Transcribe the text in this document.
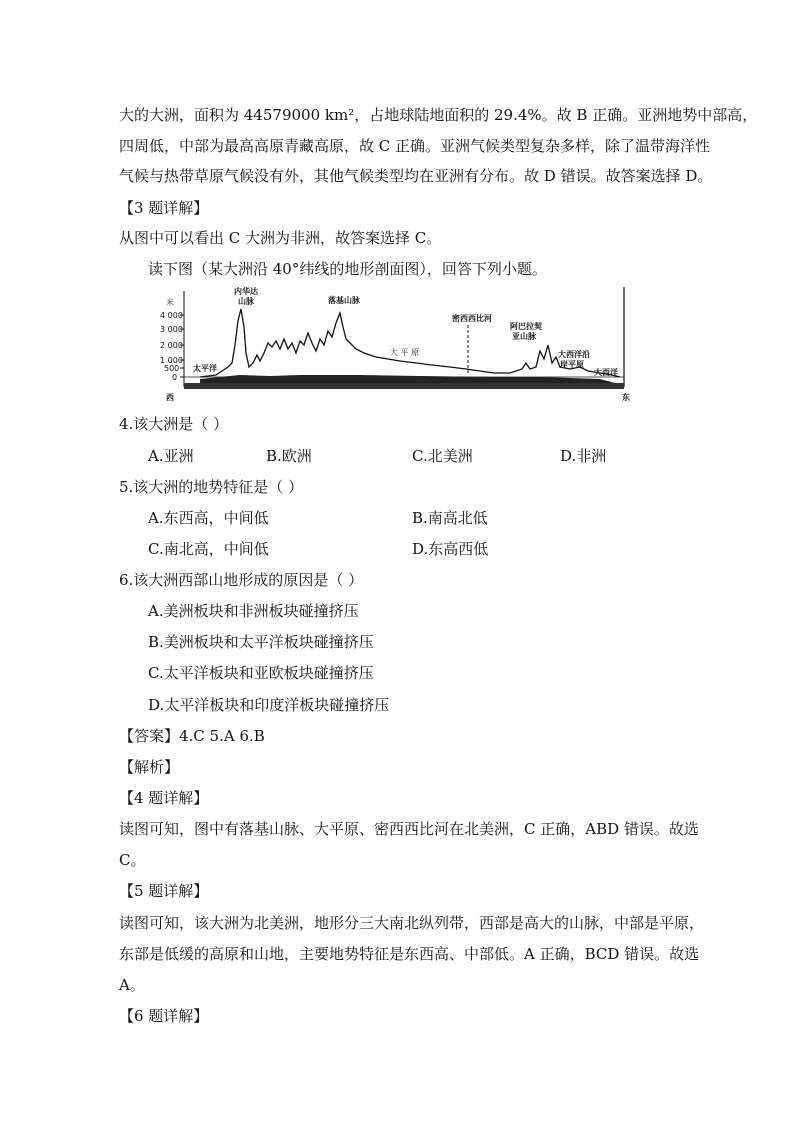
大的大洲，面积为 44579000 km²，占地球陆地面积的 29.4%。故 B 正确。亚洲地势中部高，
四周低，中部为最高高原青藏高原，故 C 正确。亚洲气候类型复杂多样，除了温带海洋性
气候与热带草原气候没有外，其他气候类型均在亚洲有分布。故 D 错误。故答案选择 D。
【3 题详解】
从图中可以看出 C 大洲为非洲，故答案选择 C。
读下图（某大洲沿 40°纬线的地形剖面图），回答下列小题。
米
4 000
3 000
2 000
1 000
500
0
内华达
山脉	落基山脉
大 平 原
密西西比河
阿巴拉契
亚山脉
大西洋沿
岸平原
太平洋	大西洋
西	东
4.该大洲是（ ）
A.亚洲	B.欧洲	C.北美洲	D.非洲
5.该大洲的地势特征是（ ）
A.东西高，中间低	B.南高北低
C.南北高，中间低	D.东高西低
6.该大洲西部山地形成的原因是（ ）
A.美洲板块和非洲板块碰撞挤压
B.美洲板块和太平洋板块碰撞挤压
C.太平洋板块和亚欧板块碰撞挤压
D.太平洋板块和印度洋板块碰撞挤压
【答案】4.C 5.A 6.B
【解析】
【4 题详解】
读图可知，图中有落基山脉、大平原、密西西比河在北美洲，C 正确，ABD 错误。故选
C。
【5 题详解】
读图可知，该大洲为北美洲，地形分三大南北纵列带，西部是高大的山脉，中部是平原，
东部是低缓的高原和山地，主要地势特征是东西高、中部低。A 正确，BCD 错误。故选
A。
【6 题详解】
